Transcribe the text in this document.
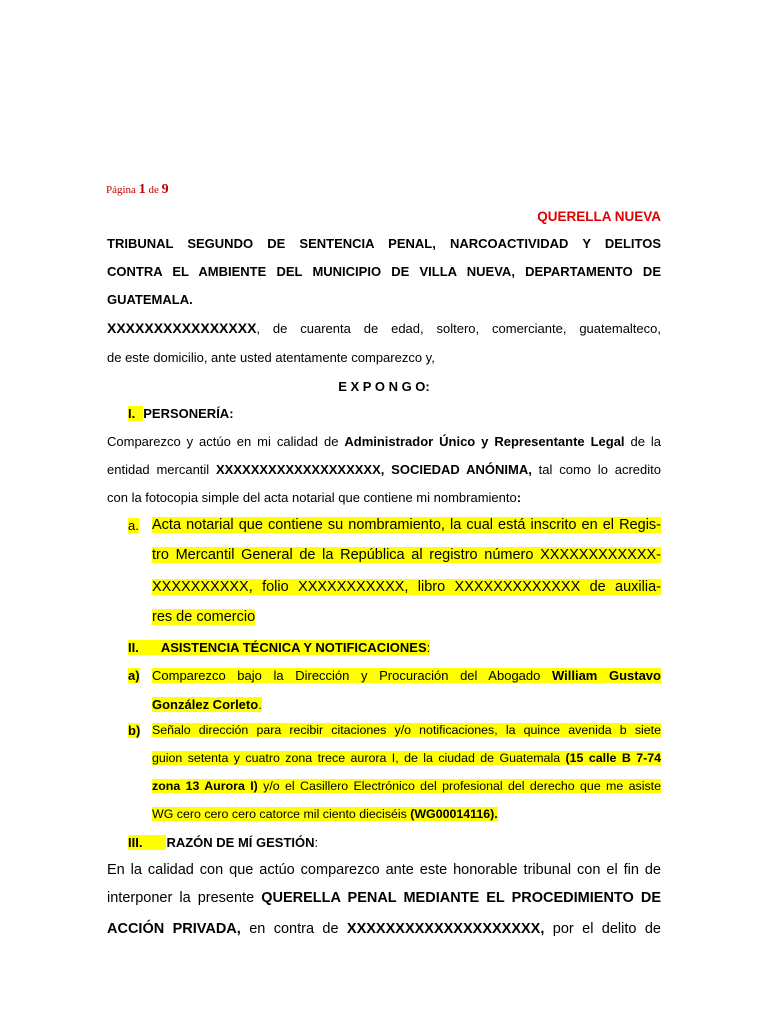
Página 1 de 9
QUERELLA NUEVA
TRIBUNAL SEGUNDO DE SENTENCIA PENAL, NARCOACTIVIDAD Y DELITOS
CONTRA EL AMBIENTE DEL MUNICIPIO DE VILLA NUEVA, DEPARTAMENTO DE
GUATEMALA.
XXXXXXXXXXXXXXXX, de cuarenta de edad, soltero, comerciante, guatemalteco,
de este domicilio, ante usted atentamente comparezco y,
E X P O N G O:
I. PERSONERÍA:
Comparezco y actúo en mi calidad de Administrador Único y Representante Legal de la
entidad mercantil XXXXXXXXXXXXXXXXXXX, SOCIEDAD ANÓNIMA, tal como lo acredito
con la fotocopia simple del acta notarial que contiene mi nombramiento:
a. Acta notarial que contiene su nombramiento, la cual está inscrito en el Regis-
tro Mercantil General de la República al registro número XXXXXXXXXXXX-
XXXXXXXXXX, folio XXXXXXXXXXX, libro XXXXXXXXXXXXX de auxilia-
res de comercio
II. ASISTENCIA TÉCNICA Y NOTIFICACIONES:
a) Comparezco bajo la Dirección y Procuración del Abogado William Gustavo
González Corleto.
b) Señalo dirección para recibir citaciones y/o notificaciones, la quince avenida b siete
guion setenta y cuatro zona trece aurora I, de la ciudad de Guatemala (15 calle B 7-74
zona 13 Aurora I) y/o el Casillero Electrónico del profesional del derecho que me asiste
WG cero cero cero catorce mil ciento dieciséis (WG00014116).
III. RAZÓN DE MÍ GESTIÓN:
En la calidad con que actúo comparezco ante este honorable tribunal con el fin de
interponer la presente QUERELLA PENAL MEDIANTE EL PROCEDIMIENTO DE
ACCIÓN PRIVADA, en contra de XXXXXXXXXXXXXXXXXXXX, por el delito de
